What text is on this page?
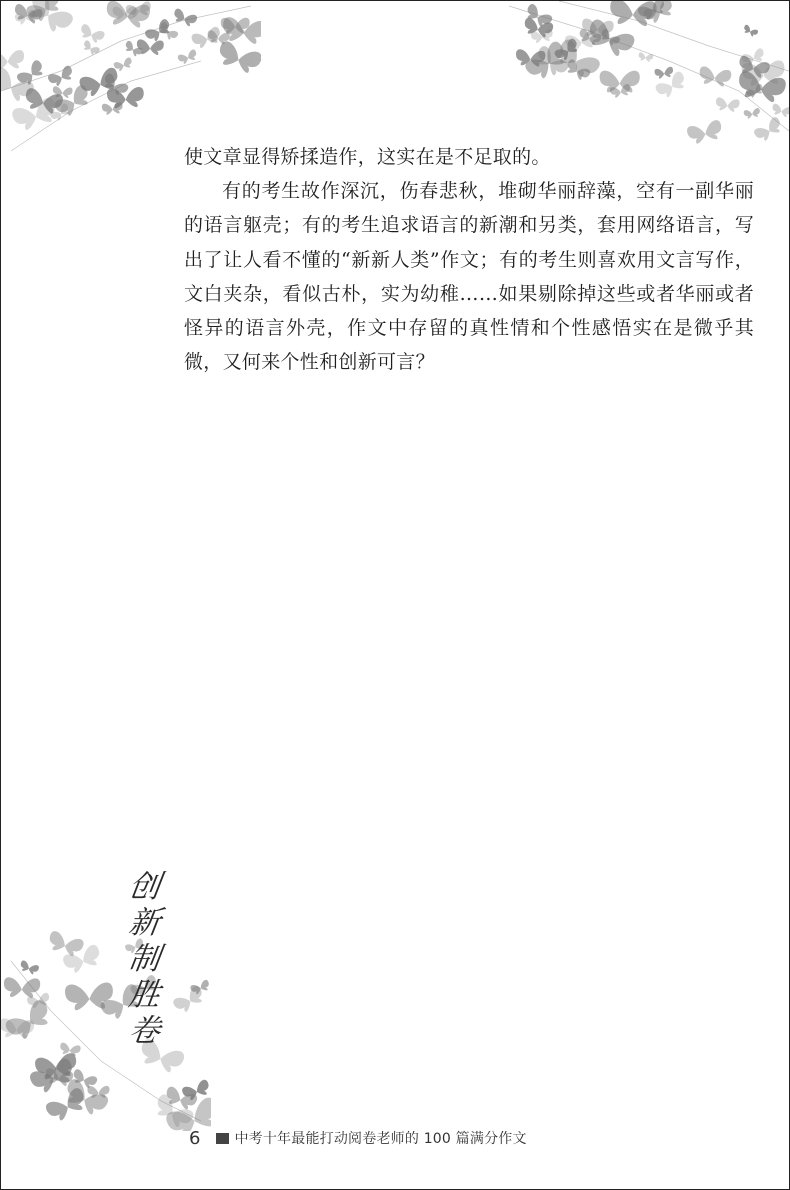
使文章显得矫揉造作，这实在是不足取的。

有的考生故作深沉，伤春悲秋，堆砌华丽辞藻，空有一副华丽的语言躯壳；有的考生追求语言的新潮和另类，套用网络语言，写出了让人看不懂的“新新人类”作文；有的考生则喜欢用文言写作，文白夹杂，看似古朴，实为幼稚……如果剔除掉这些或者华丽或者怪异的语言外壳，作文中存留的真性情和个性感悟实在是微乎其微，又何来个性和创新可言？

创
新
制
胜
卷
6 中考十年最能打动阅卷老师的 100 篇满分作文
